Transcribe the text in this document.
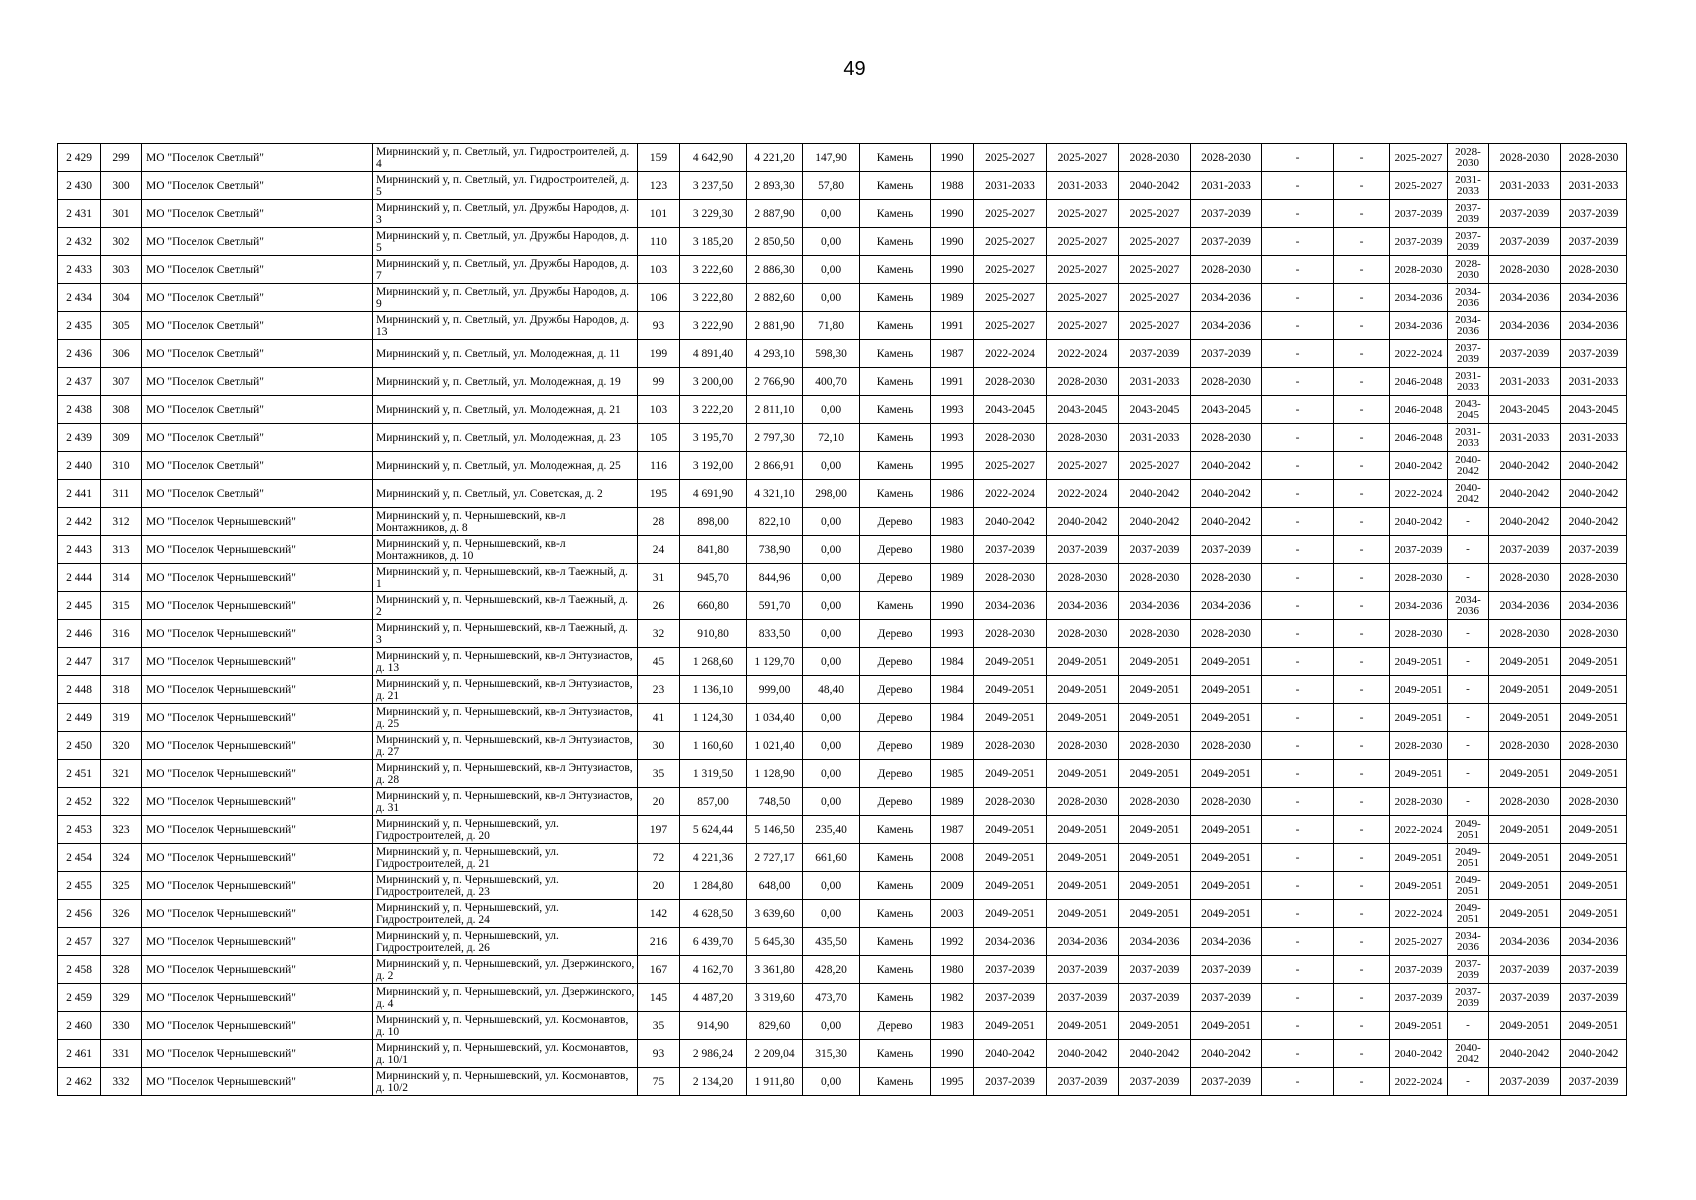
49
2 429	299	МО "Поселок Светлый"	Мирнинский у, п. Светлый, ул. Гидростроителей, д. 4	159	4 642,90	4 221,20	147,90	Камень	1990	2025-2027	2025-2027	2028-2030	2028-2030	-	-	2025-2027	2028-2030	2028-2030	2028-2030
2 430	300	МО "Поселок Светлый"	Мирнинский у, п. Светлый, ул. Гидростроителей, д. 5	123	3 237,50	2 893,30	57,80	Камень	1988	2031-2033	2031-2033	2040-2042	2031-2033	-	-	2025-2027	2031-2033	2031-2033	2031-2033
2 431	301	МО "Поселок Светлый"	Мирнинский у, п. Светлый, ул. Дружбы Народов, д. 3	101	3 229,30	2 887,90	0,00	Камень	1990	2025-2027	2025-2027	2025-2027	2037-2039	-	-	2037-2039	2037-2039	2037-2039	2037-2039
2 432	302	МО "Поселок Светлый"	Мирнинский у, п. Светлый, ул. Дружбы Народов, д. 5	110	3 185,20	2 850,50	0,00	Камень	1990	2025-2027	2025-2027	2025-2027	2037-2039	-	-	2037-2039	2037-2039	2037-2039	2037-2039
2 433	303	МО "Поселок Светлый"	Мирнинский у, п. Светлый, ул. Дружбы Народов, д. 7	103	3 222,60	2 886,30	0,00	Камень	1990	2025-2027	2025-2027	2025-2027	2028-2030	-	-	2028-2030	2028-2030	2028-2030	2028-2030
2 434	304	МО "Поселок Светлый"	Мирнинский у, п. Светлый, ул. Дружбы Народов, д. 9	106	3 222,80	2 882,60	0,00	Камень	1989	2025-2027	2025-2027	2025-2027	2034-2036	-	-	2034-2036	2034-2036	2034-2036	2034-2036
2 435	305	МО "Поселок Светлый"	Мирнинский у, п. Светлый, ул. Дружбы Народов, д. 13	93	3 222,90	2 881,90	71,80	Камень	1991	2025-2027	2025-2027	2025-2027	2034-2036	-	-	2034-2036	2034-2036	2034-2036	2034-2036
2 436	306	МО "Поселок Светлый"	Мирнинский у, п. Светлый, ул. Молодежная, д. 11	199	4 891,40	4 293,10	598,30	Камень	1987	2022-2024	2022-2024	2037-2039	2037-2039	-	-	2022-2024	2037-2039	2037-2039	2037-2039
2 437	307	МО "Поселок Светлый"	Мирнинский у, п. Светлый, ул. Молодежная, д. 19	99	3 200,00	2 766,90	400,70	Камень	1991	2028-2030	2028-2030	2031-2033	2028-2030	-	-	2046-2048	2031-2033	2031-2033	2031-2033
2 438	308	МО "Поселок Светлый"	Мирнинский у, п. Светлый, ул. Молодежная, д. 21	103	3 222,20	2 811,10	0,00	Камень	1993	2043-2045	2043-2045	2043-2045	2043-2045	-	-	2046-2048	2043-2045	2043-2045	2043-2045
2 439	309	МО "Поселок Светлый"	Мирнинский у, п. Светлый, ул. Молодежная, д. 23	105	3 195,70	2 797,30	72,10	Камень	1993	2028-2030	2028-2030	2031-2033	2028-2030	-	-	2046-2048	2031-2033	2031-2033	2031-2033
2 440	310	МО "Поселок Светлый"	Мирнинский у, п. Светлый, ул. Молодежная, д. 25	116	3 192,00	2 866,91	0,00	Камень	1995	2025-2027	2025-2027	2025-2027	2040-2042	-	-	2040-2042	2040-2042	2040-2042	2040-2042
2 441	311	МО "Поселок Светлый"	Мирнинский у, п. Светлый, ул. Советская, д. 2	195	4 691,90	4 321,10	298,00	Камень	1986	2022-2024	2022-2024	2040-2042	2040-2042	-	-	2022-2024	2040-2042	2040-2042	2040-2042
2 442	312	МО "Поселок Чернышевский"	Мирнинский у, п. Чернышевский, кв-л Монтажников, д. 8	28	898,00	822,10	0,00	Дерево	1983	2040-2042	2040-2042	2040-2042	2040-2042	-	-	2040-2042	-	2040-2042	2040-2042
2 443	313	МО "Поселок Чернышевский"	Мирнинский у, п. Чернышевский, кв-л Монтажников, д. 10	24	841,80	738,90	0,00	Дерево	1980	2037-2039	2037-2039	2037-2039	2037-2039	-	-	2037-2039	-	2037-2039	2037-2039
2 444	314	МО "Поселок Чернышевский"	Мирнинский у, п. Чернышевский, кв-л Таежный, д. 1	31	945,70	844,96	0,00	Дерево	1989	2028-2030	2028-2030	2028-2030	2028-2030	-	-	2028-2030	-	2028-2030	2028-2030
2 445	315	МО "Поселок Чернышевский"	Мирнинский у, п. Чернышевский, кв-л Таежный, д. 2	26	660,80	591,70	0,00	Камень	1990	2034-2036	2034-2036	2034-2036	2034-2036	-	-	2034-2036	2034-2036	2034-2036	2034-2036
2 446	316	МО "Поселок Чернышевский"	Мирнинский у, п. Чернышевский, кв-л Таежный, д. 3	32	910,80	833,50	0,00	Дерево	1993	2028-2030	2028-2030	2028-2030	2028-2030	-	-	2028-2030	-	2028-2030	2028-2030
2 447	317	МО "Поселок Чернышевский"	Мирнинский у, п. Чернышевский, кв-л Энтузиастов, д. 13	45	1 268,60	1 129,70	0,00	Дерево	1984	2049-2051	2049-2051	2049-2051	2049-2051	-	-	2049-2051	-	2049-2051	2049-2051
2 448	318	МО "Поселок Чернышевский"	Мирнинский у, п. Чернышевский, кв-л Энтузиастов, д. 21	23	1 136,10	999,00	48,40	Дерево	1984	2049-2051	2049-2051	2049-2051	2049-2051	-	-	2049-2051	-	2049-2051	2049-2051
2 449	319	МО "Поселок Чернышевский"	Мирнинский у, п. Чернышевский, кв-л Энтузиастов, д. 25	41	1 124,30	1 034,40	0,00	Дерево	1984	2049-2051	2049-2051	2049-2051	2049-2051	-	-	2049-2051	-	2049-2051	2049-2051
2 450	320	МО "Поселок Чернышевский"	Мирнинский у, п. Чернышевский, кв-л Энтузиастов, д. 27	30	1 160,60	1 021,40	0,00	Дерево	1989	2028-2030	2028-2030	2028-2030	2028-2030	-	-	2028-2030	-	2028-2030	2028-2030
2 451	321	МО "Поселок Чернышевский"	Мирнинский у, п. Чернышевский, кв-л Энтузиастов, д. 28	35	1 319,50	1 128,90	0,00	Дерево	1985	2049-2051	2049-2051	2049-2051	2049-2051	-	-	2049-2051	-	2049-2051	2049-2051
2 452	322	МО "Поселок Чернышевский"	Мирнинский у, п. Чернышевский, кв-л Энтузиастов, д. 31	20	857,00	748,50	0,00	Дерево	1989	2028-2030	2028-2030	2028-2030	2028-2030	-	-	2028-2030	-	2028-2030	2028-2030
2 453	323	МО "Поселок Чернышевский"	Мирнинский у, п. Чернышевский, ул. Гидростроителей, д. 20	197	5 624,44	5 146,50	235,40	Камень	1987	2049-2051	2049-2051	2049-2051	2049-2051	-	-	2022-2024	2049-2051	2049-2051	2049-2051
2 454	324	МО "Поселок Чернышевский"	Мирнинский у, п. Чернышевский, ул. Гидростроителей, д. 21	72	4 221,36	2 727,17	661,60	Камень	2008	2049-2051	2049-2051	2049-2051	2049-2051	-	-	2049-2051	2049-2051	2049-2051	2049-2051
2 455	325	МО "Поселок Чернышевский"	Мирнинский у, п. Чернышевский, ул. Гидростроителей, д. 23	20	1 284,80	648,00	0,00	Камень	2009	2049-2051	2049-2051	2049-2051	2049-2051	-	-	2049-2051	2049-2051	2049-2051	2049-2051
2 456	326	МО "Поселок Чернышевский"	Мирнинский у, п. Чернышевский, ул. Гидростроителей, д. 24	142	4 628,50	3 639,60	0,00	Камень	2003	2049-2051	2049-2051	2049-2051	2049-2051	-	-	2022-2024	2049-2051	2049-2051	2049-2051
2 457	327	МО "Поселок Чернышевский"	Мирнинский у, п. Чернышевский, ул. Гидростроителей, д. 26	216	6 439,70	5 645,30	435,50	Камень	1992	2034-2036	2034-2036	2034-2036	2034-2036	-	-	2025-2027	2034-2036	2034-2036	2034-2036
2 458	328	МО "Поселок Чернышевский"	Мирнинский у, п. Чернышевский, ул. Дзержинского, д. 2	167	4 162,70	3 361,80	428,20	Камень	1980	2037-2039	2037-2039	2037-2039	2037-2039	-	-	2037-2039	2037-2039	2037-2039	2037-2039
2 459	329	МО "Поселок Чернышевский"	Мирнинский у, п. Чернышевский, ул. Дзержинского, д. 4	145	4 487,20	3 319,60	473,70	Камень	1982	2037-2039	2037-2039	2037-2039	2037-2039	-	-	2037-2039	2037-2039	2037-2039	2037-2039
2 460	330	МО "Поселок Чернышевский"	Мирнинский у, п. Чернышевский, ул. Космонавтов, д. 10	35	914,90	829,60	0,00	Дерево	1983	2049-2051	2049-2051	2049-2051	2049-2051	-	-	2049-2051	-	2049-2051	2049-2051
2 461	331	МО "Поселок Чернышевский"	Мирнинский у, п. Чернышевский, ул. Космонавтов, д. 10/1	93	2 986,24	2 209,04	315,30	Камень	1990	2040-2042	2040-2042	2040-2042	2040-2042	-	-	2040-2042	2040-2042	2040-2042	2040-2042
2 462	332	МО "Поселок Чернышевский"	Мирнинский у, п. Чернышевский, ул. Космонавтов, д. 10/2	75	2 134,20	1 911,80	0,00	Камень	1995	2037-2039	2037-2039	2037-2039	2037-2039	-	-	2022-2024	-	2037-2039	2037-2039
